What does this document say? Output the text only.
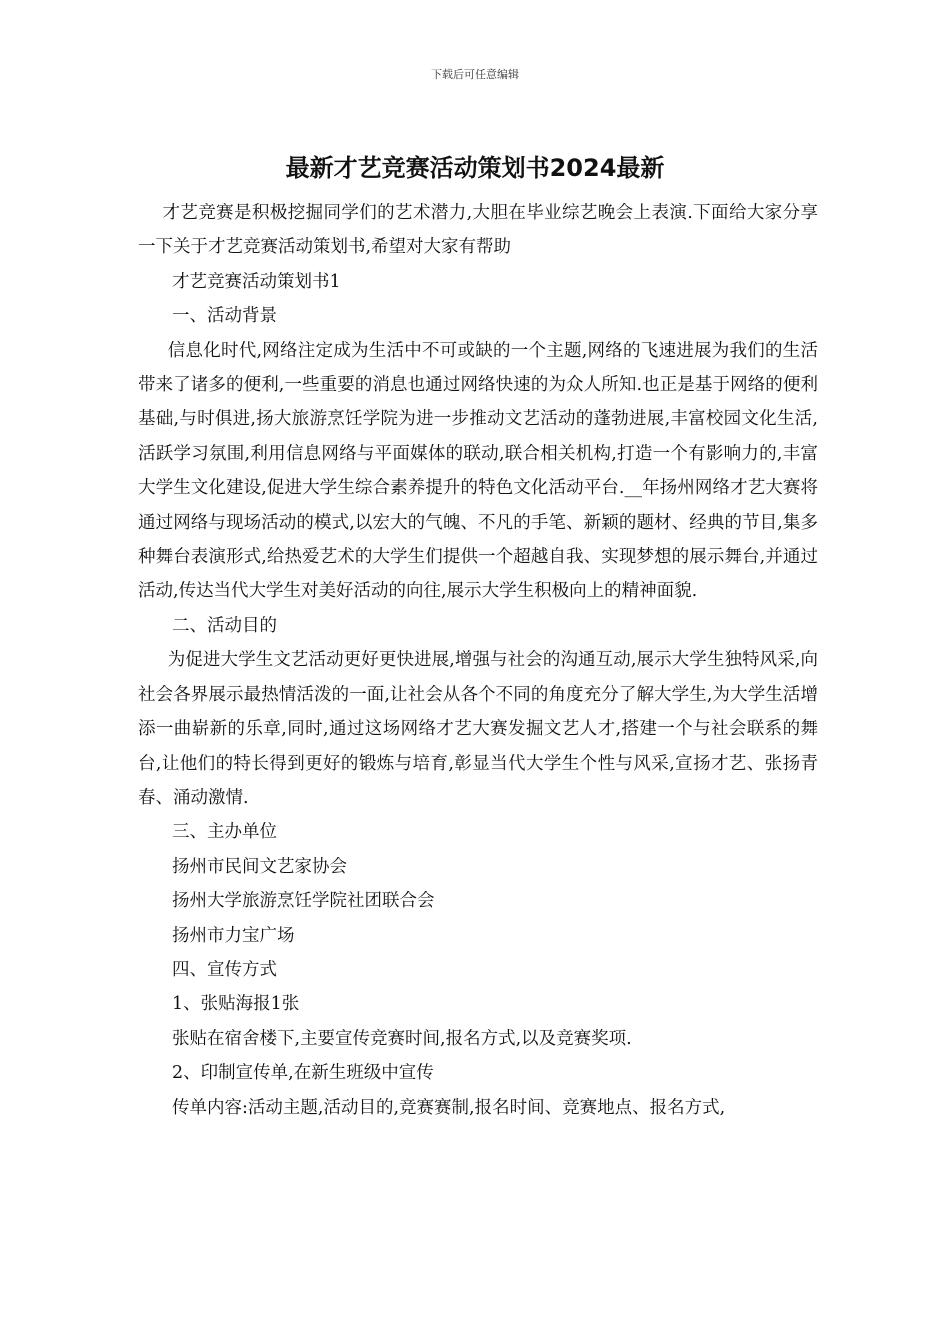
下载后可任意编辑
最新才艺竞赛活动策划书2024最新

才艺竞赛是积极挖掘同学们的艺术潜力,大胆在毕业综艺晚会上表演.下面给大家分享一下关于才艺竞赛活动策划书,希望对大家有帮助

才艺竞赛活动策划书1

一、活动背景

信息化时代,网络注定成为生活中不可或缺的一个主题,网络的飞速进展为我们的生活带来了诸多的便利,一些重要的消息也通过网络快速的为众人所知.也正是基于网络的便利基础,与时俱进,扬大旅游烹饪学院为进一步推动文艺活动的蓬勃进展,丰富校园文化生活,活跃学习氛围,利用信息网络与平面媒体的联动,联合相关机构,打造一个有影响力的,丰富大学生文化建设,促进大学生综合素养提升的特色文化活动平台.__年扬州网络才艺大赛将通过网络与现场活动的模式,以宏大的气魄、不凡的手笔、新颖的题材、经典的节目,集多种舞台表演形式,给热爱艺术的大学生们提供一个超越自我、实现梦想的展示舞台,并通过活动,传达当代大学生对美好活动的向往,展示大学生积极向上的精神面貌.

二、活动目的

为促进大学生文艺活动更好更快进展,增强与社会的沟通互动,展示大学生独特风采,向社会各界展示最热情活泼的一面,让社会从各个不同的角度充分了解大学生,为大学生活增添一曲崭新的乐章,同时,通过这场网络才艺大赛发掘文艺人才,搭建一个与社会联系的舞台,让他们的特长得到更好的锻炼与培育,彰显当代大学生个性与风采,宣扬才艺、张扬青春、涌动激情.

三、主办单位

扬州市民间文艺家协会

扬州大学旅游烹饪学院社团联合会

扬州市力宝广场

四、宣传方式

1、张贴海报1张

张贴在宿舍楼下,主要宣传竞赛时间,报名方式,以及竞赛奖项.

2、印制宣传单,在新生班级中宣传

传单内容:活动主题,活动目的,竞赛赛制,报名时间、竞赛地点、报名方式,
